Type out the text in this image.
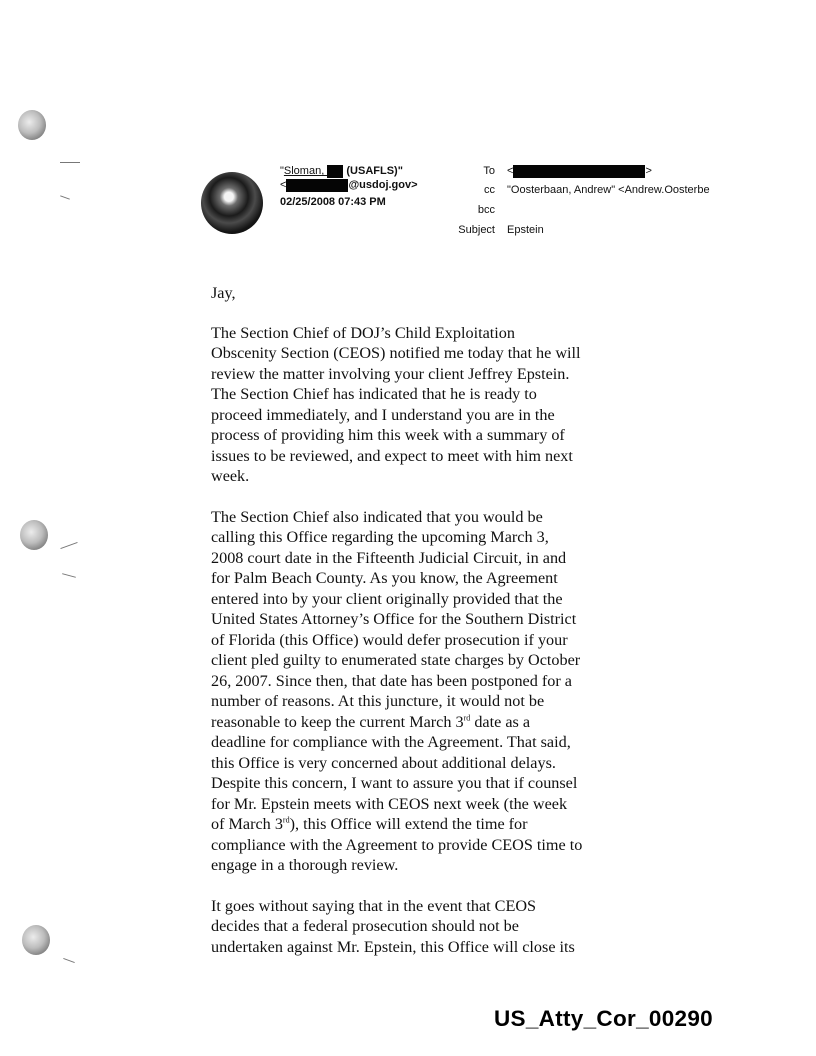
"Sloman,  (USAFLS)"
<	@usdoj.gov>
02/25/2008 07:43 PM
To <	>
cc "Oosterbaan, Andrew" <Andrew.Oosterbe
bcc
Subject Epstein
Jay,
The Section Chief of DOJ’s Child Exploitation
Obscenity Section (CEOS) notified me today that he will
review the matter involving your client Jeffrey Epstein.
The Section Chief has indicated that he is ready to
proceed immediately, and I understand you are in the
process of providing him this week with a summary of
issues to be reviewed, and expect to meet with him next
week.
The Section Chief also indicated that you would be
calling this Office regarding the upcoming March 3,
2008 court date in the Fifteenth Judicial Circuit, in and
for Palm Beach County. As you know, the Agreement
entered into by your client originally provided that the
United States Attorney’s Office for the Southern District
of Florida (this Office) would defer prosecution if your
client pled guilty to enumerated state charges by October
26, 2007. Since then, that date has been postponed for a
number of reasons. At this juncture, it would not be
reasonable to keep the current March 3rd date as a
deadline for compliance with the Agreement. That said,
this Office is very concerned about additional delays.
Despite this concern, I want to assure you that if counsel
for Mr. Epstein meets with CEOS next week (the week
of March 3rd), this Office will extend the time for
compliance with the Agreement to provide CEOS time to
engage in a thorough review.
It goes without saying that in the event that CEOS
decides that a federal prosecution should not be
undertaken against Mr. Epstein, this Office will close its
US_Atty_Cor_00290
